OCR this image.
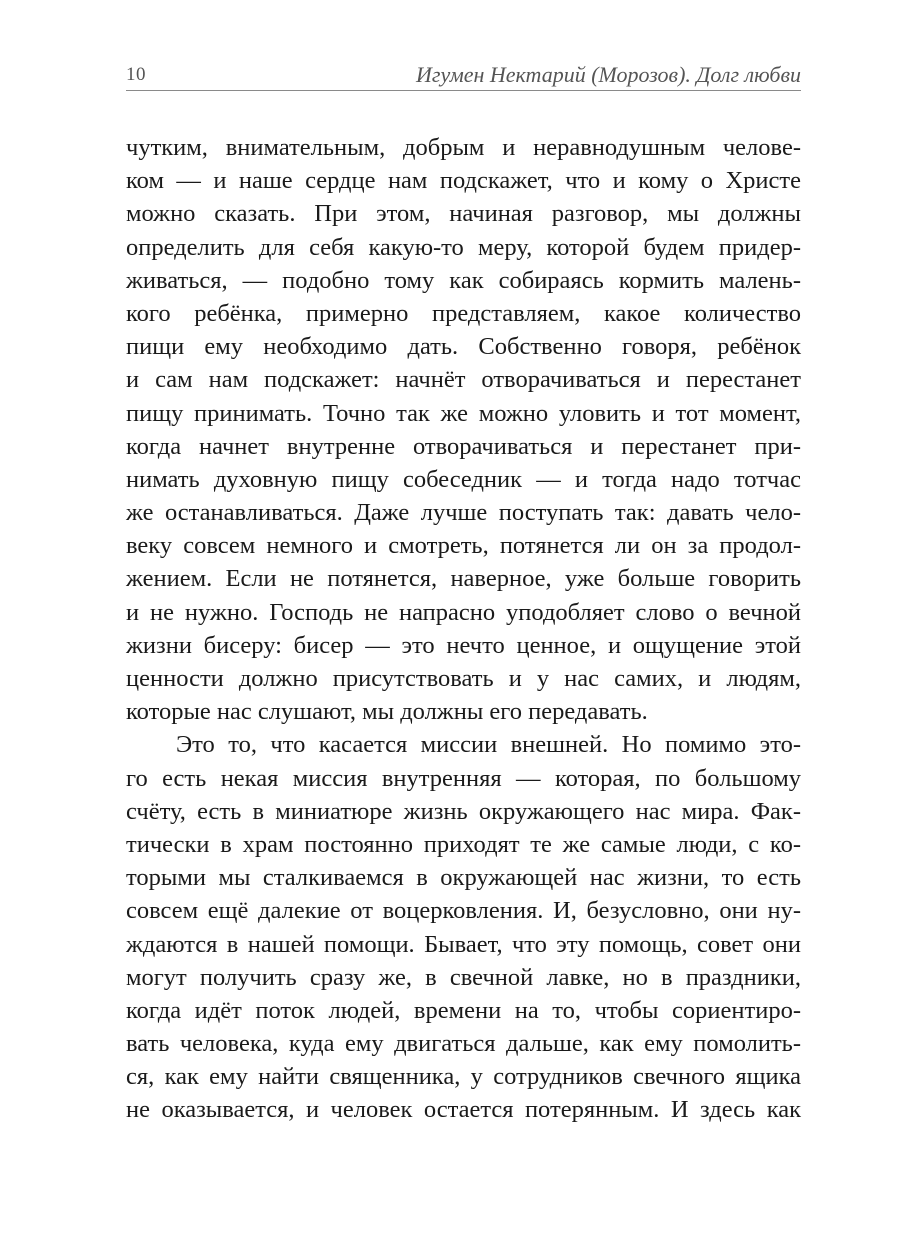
10	Игумен Нектарий (Морозов). Долг любви
чутким, внимательным, добрым и неравнодушным челове-
ком — и наше сердце нам подскажет, что и кому о Христе
можно сказать. При этом, начиная разговор, мы должны
определить для себя какую-то меру, которой будем придер-
живаться, — подобно тому как собираясь кормить малень-
кого ребёнка, примерно представляем, какое количество
пищи ему необходимо дать. Собственно говоря, ребёнок
и сам нам подскажет: начнёт отворачиваться и перестанет
пищу принимать. Точно так же можно уловить и тот момент,
когда начнет внутренне отворачиваться и перестанет при-
нимать духовную пищу собеседник — и тогда надо тотчас
же останавливаться. Даже лучше поступать так: давать чело-
веку совсем немного и смотреть, потянется ли он за продол-
жением. Если не потянется, наверное, уже больше говорить
и не нужно. Господь не напрасно уподобляет слово о вечной
жизни бисеру: бисер — это нечто ценное, и ощущение этой
ценности должно присутствовать и у нас самих, и людям,
которые нас слушают, мы должны его передавать.
Это то, что касается миссии внешней. Но помимо это-
го есть некая миссия внутренняя — которая, по большому
счёту, есть в миниатюре жизнь окружающего нас мира. Фак-
тически в храм постоянно приходят те же самые люди, с ко-
торыми мы сталкиваемся в окружающей нас жизни, то есть
совсем ещё далекие от воцерковления. И, безусловно, они ну-
ждаются в нашей помощи. Бывает, что эту помощь, совет они
могут получить сразу же, в свечной лавке, но в праздники,
когда идёт поток людей, времени на то, чтобы сориентиро-
вать человека, куда ему двигаться дальше, как ему помолить-
ся, как ему найти священника, у сотрудников свечного ящика
не оказывается, и человек остается потерянным. И здесь как
